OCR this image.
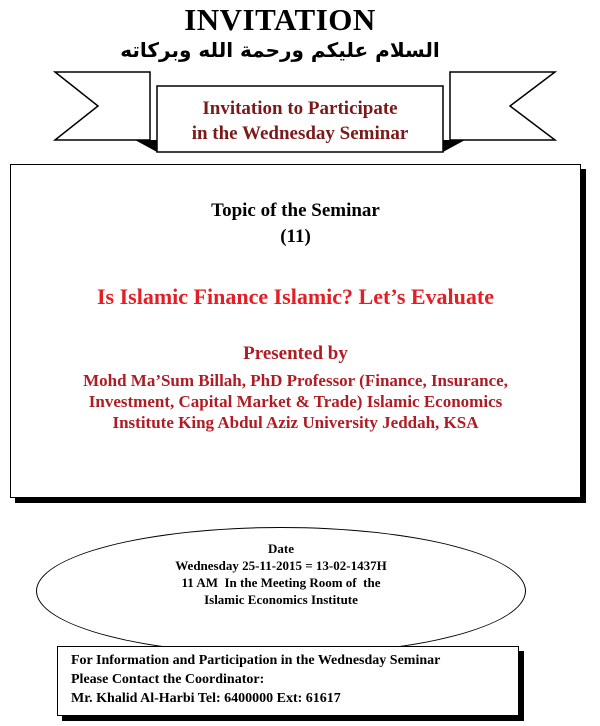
INVITATION
السلام عليكم ورحمة الله وبركاته
Invitation to Participate
in the Wednesday Seminar
Topic of the Seminar
(11)
Is Islamic Finance Islamic? Let’s Evaluate
Presented by
Mohd Ma’Sum Billah, PhD Professor (Finance, Insurance,
Investment, Capital Market & Trade) Islamic Economics
Institute King Abdul Aziz University Jeddah, KSA
Date
Wednesday 25-11-2015 = 13-02-1437H
11 AM  In the Meeting Room of  the
Islamic Economics Institute
For Information and Participation in the Wednesday Seminar
Please Contact the Coordinator:
Mr. Khalid Al-Harbi Tel: 6400000 Ext: 61617
